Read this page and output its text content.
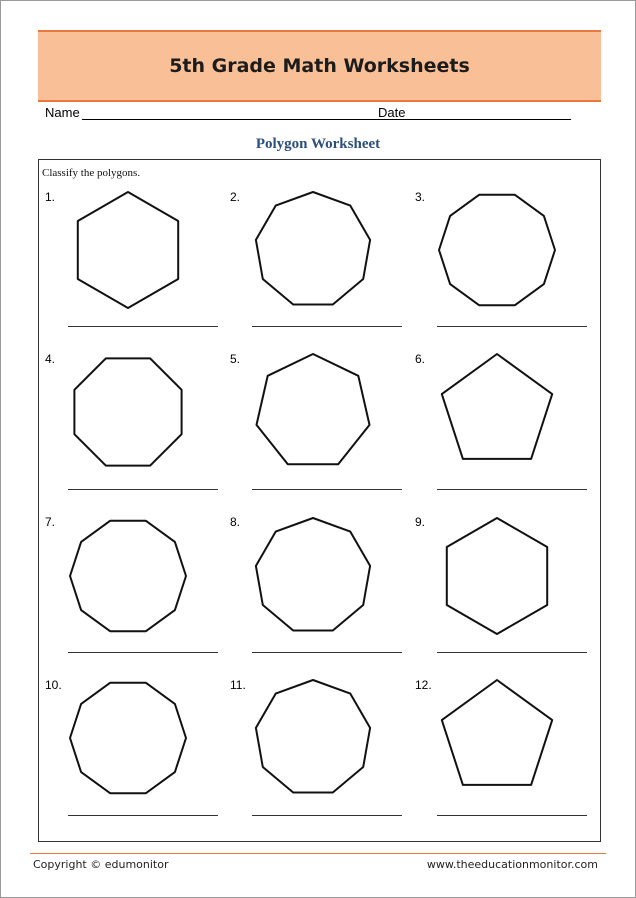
5th Grade Math Worksheets
Name	Date
Polygon Worksheet
Classify the polygons.
1.	2.	3.
4.	5.	6.
7.	8.	9.
10.	11.	12.
Copyright © edumonitor	www.theeducationmonitor.com
